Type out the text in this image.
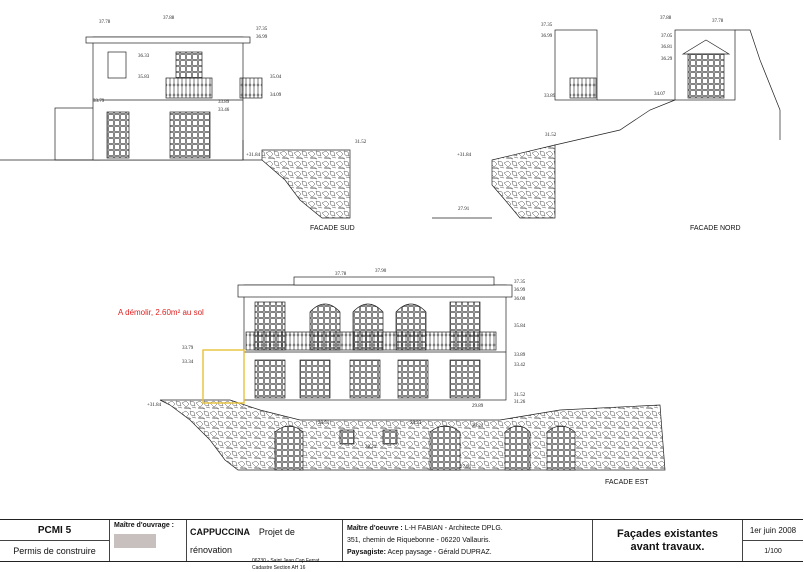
37.78
37.88
37.35
36.99
36.33
35.83	35.04
34.09
33.89
33.46
33.79
+31.84
31.52
FACADE SUD
37.88
37.78
37.35
36.99	37.05
36.81
36.29
33.89	34.07
31.52
+31.84
27.91
FACADE NORD
A démolir, 2.60m² au sol
37.78
37.90
37.35
36.99
36.00
35.84
33.89
33.42
33.79
33.34
31.52
31.26
+31.84	29.89
29.21
28.51	28.23
28.21
27.91
FACADE EST
PCMI 5
Permis de construire
Maître d'ouvrage :
CAPPUCCINA Projet de rénovation
06230 - Saint Jean Cap Ferrat
Cadastre Section AH 16
Maître d'oeuvre : L-H FABIAN - Architecte DPLG.
351, chemin de Riquebonne - 06220 Vallauris.
Paysagiste: Acep paysage - Gérald DUPRAZ.
Façades existantes
avant travaux.
1er juin 2008
1/100
